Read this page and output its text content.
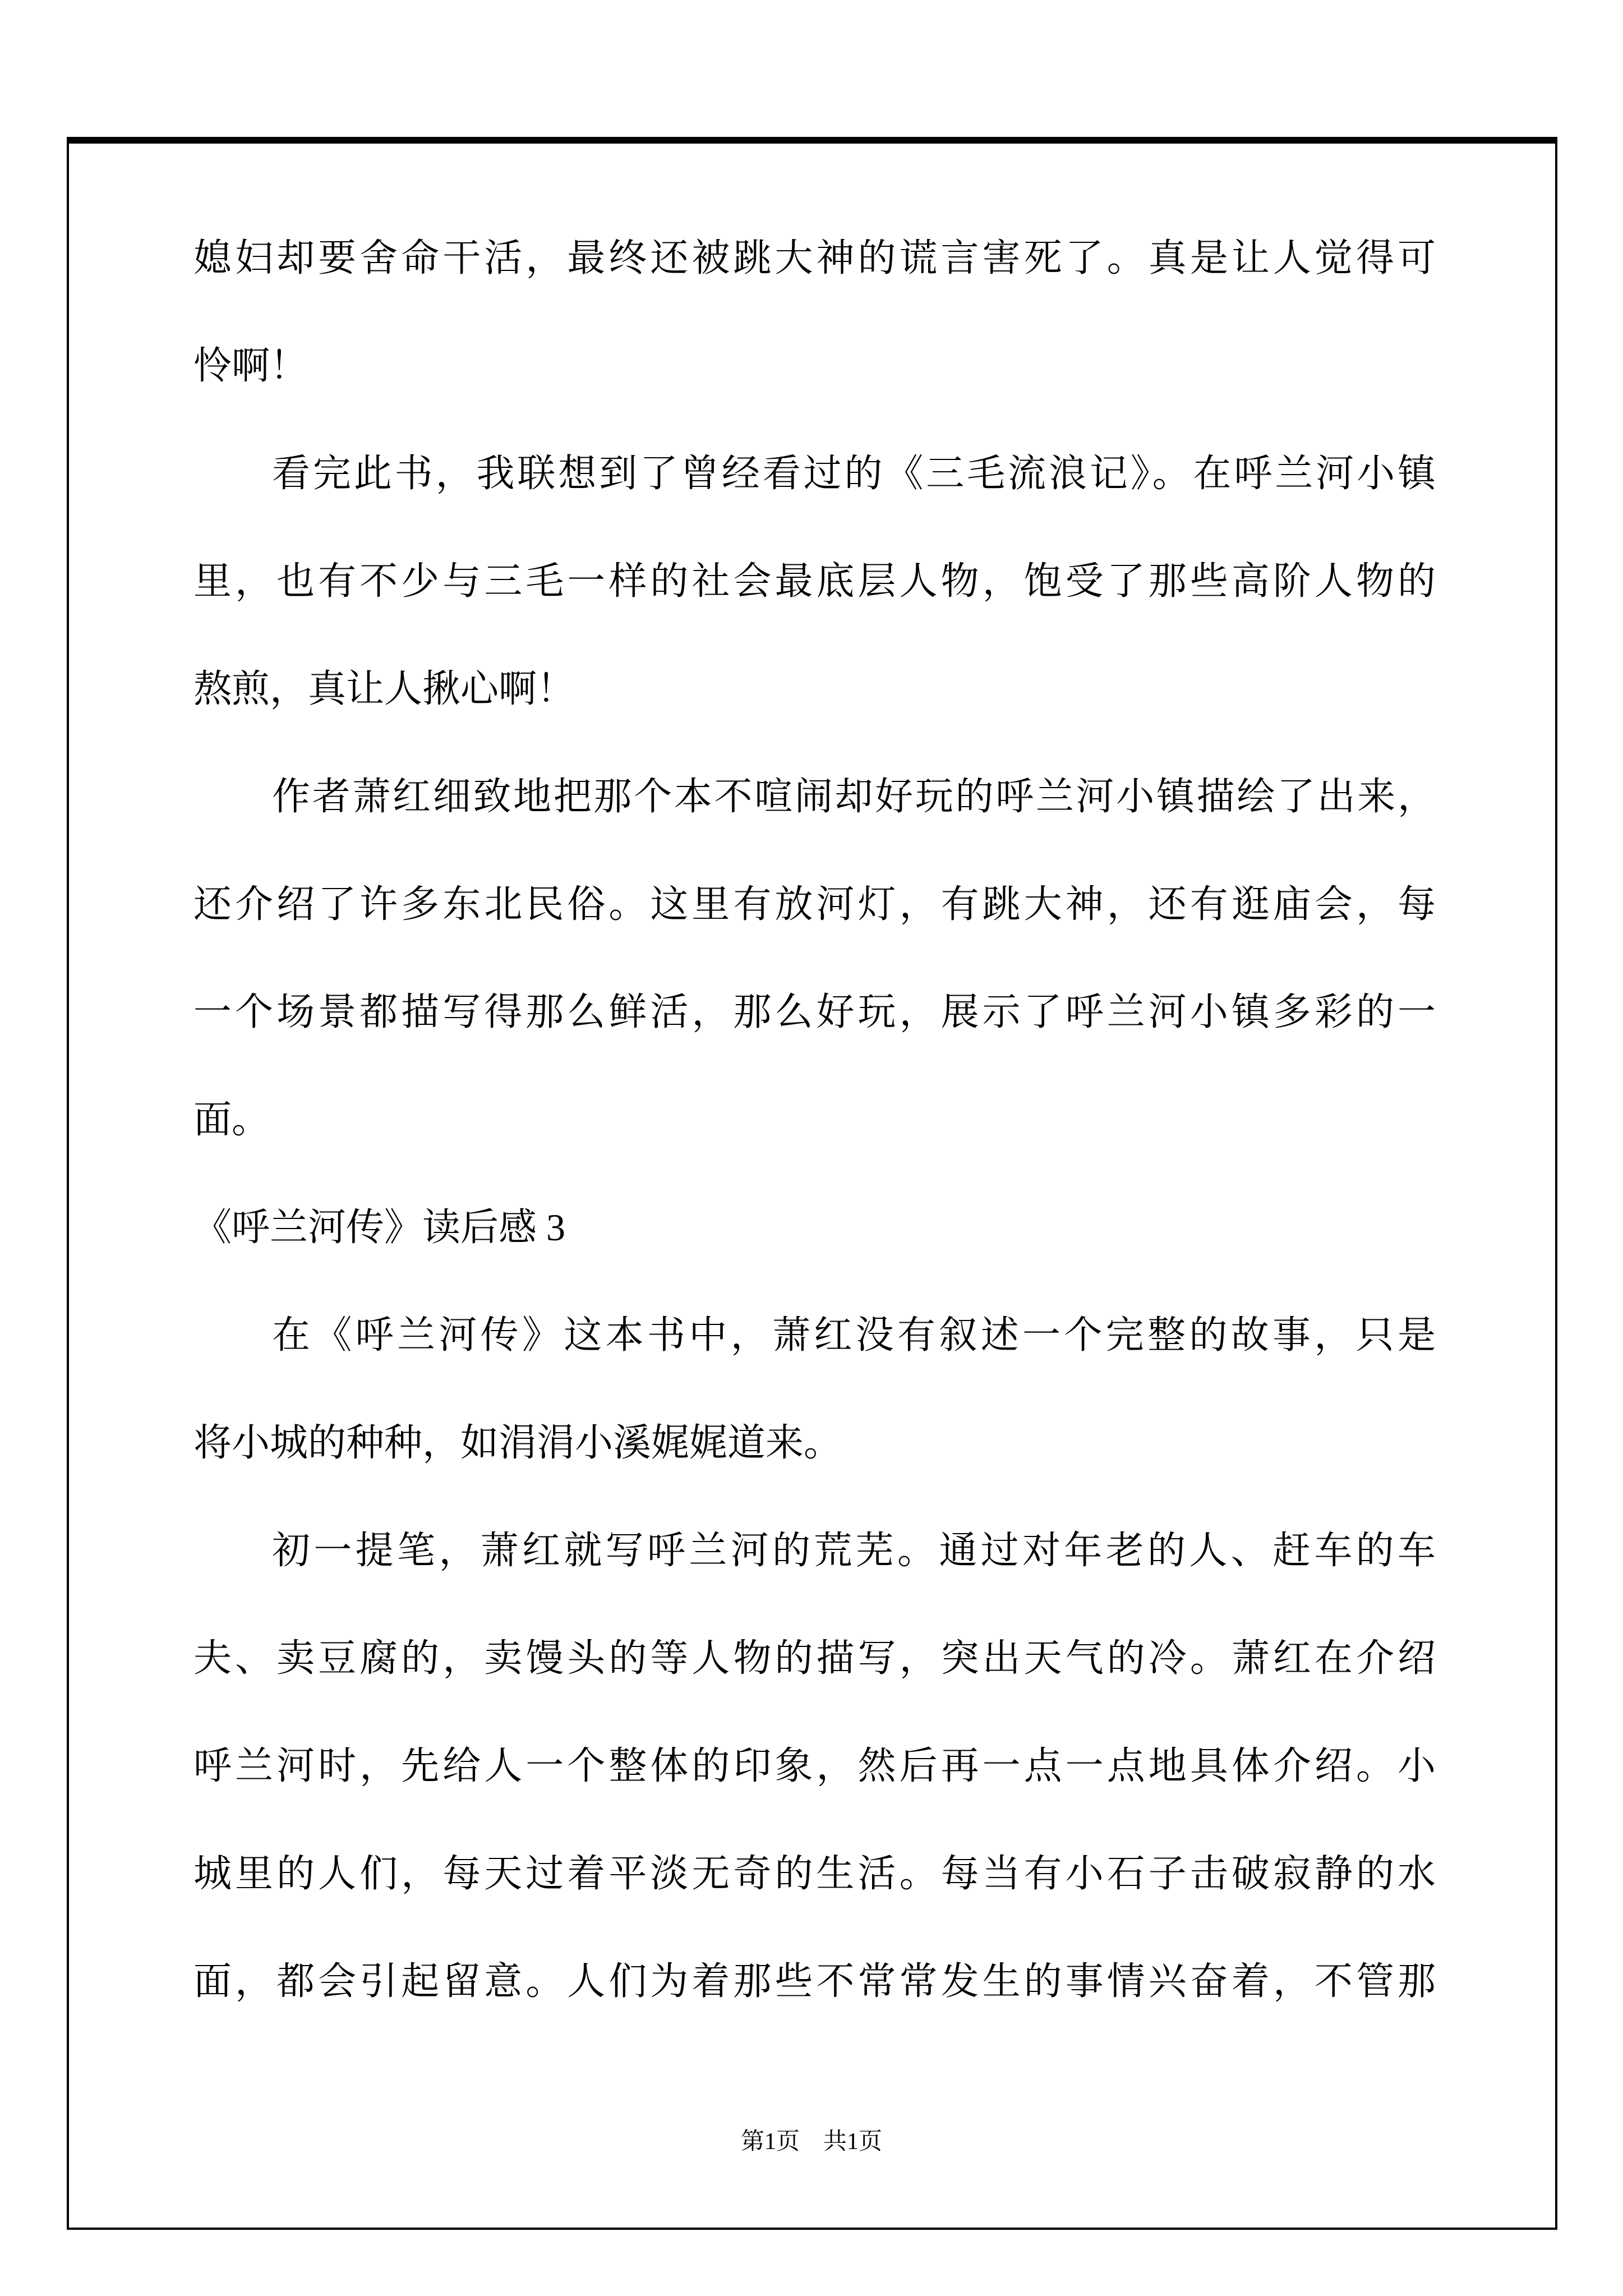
媳妇却要舍命干活，最终还被跳大神的谎言害死了。真是让人觉得可
怜啊！
看完此书，我联想到了曾经看过的《三毛流浪记》。在呼兰河小镇
里，也有不少与三毛一样的社会最底层人物，饱受了那些高阶人物的
熬煎，真让人揪心啊！
作者萧红细致地把那个本不喧闹却好玩的呼兰河小镇描绘了出来，
还介绍了许多东北民俗。这里有放河灯，有跳大神，还有逛庙会，每
一个场景都描写得那么鲜活，那么好玩，展示了呼兰河小镇多彩的一
面。
《呼兰河传》读后感 3
在《呼兰河传》这本书中，萧红没有叙述一个完整的故事，只是
将小城的种种，如涓涓小溪娓娓道来。
初一提笔，萧红就写呼兰河的荒芜。通过对年老的人、赶车的车
夫、卖豆腐的，卖馒头的等人物的描写，突出天气的冷。萧红在介绍
呼兰河时，先给人一个整体的印象，然后再一点一点地具体介绍。小
城里的人们，每天过着平淡无奇的生活。每当有小石子击破寂静的水
面，都会引起留意。人们为着那些不常常发生的事情兴奋着，不管那
第1页　共1页
